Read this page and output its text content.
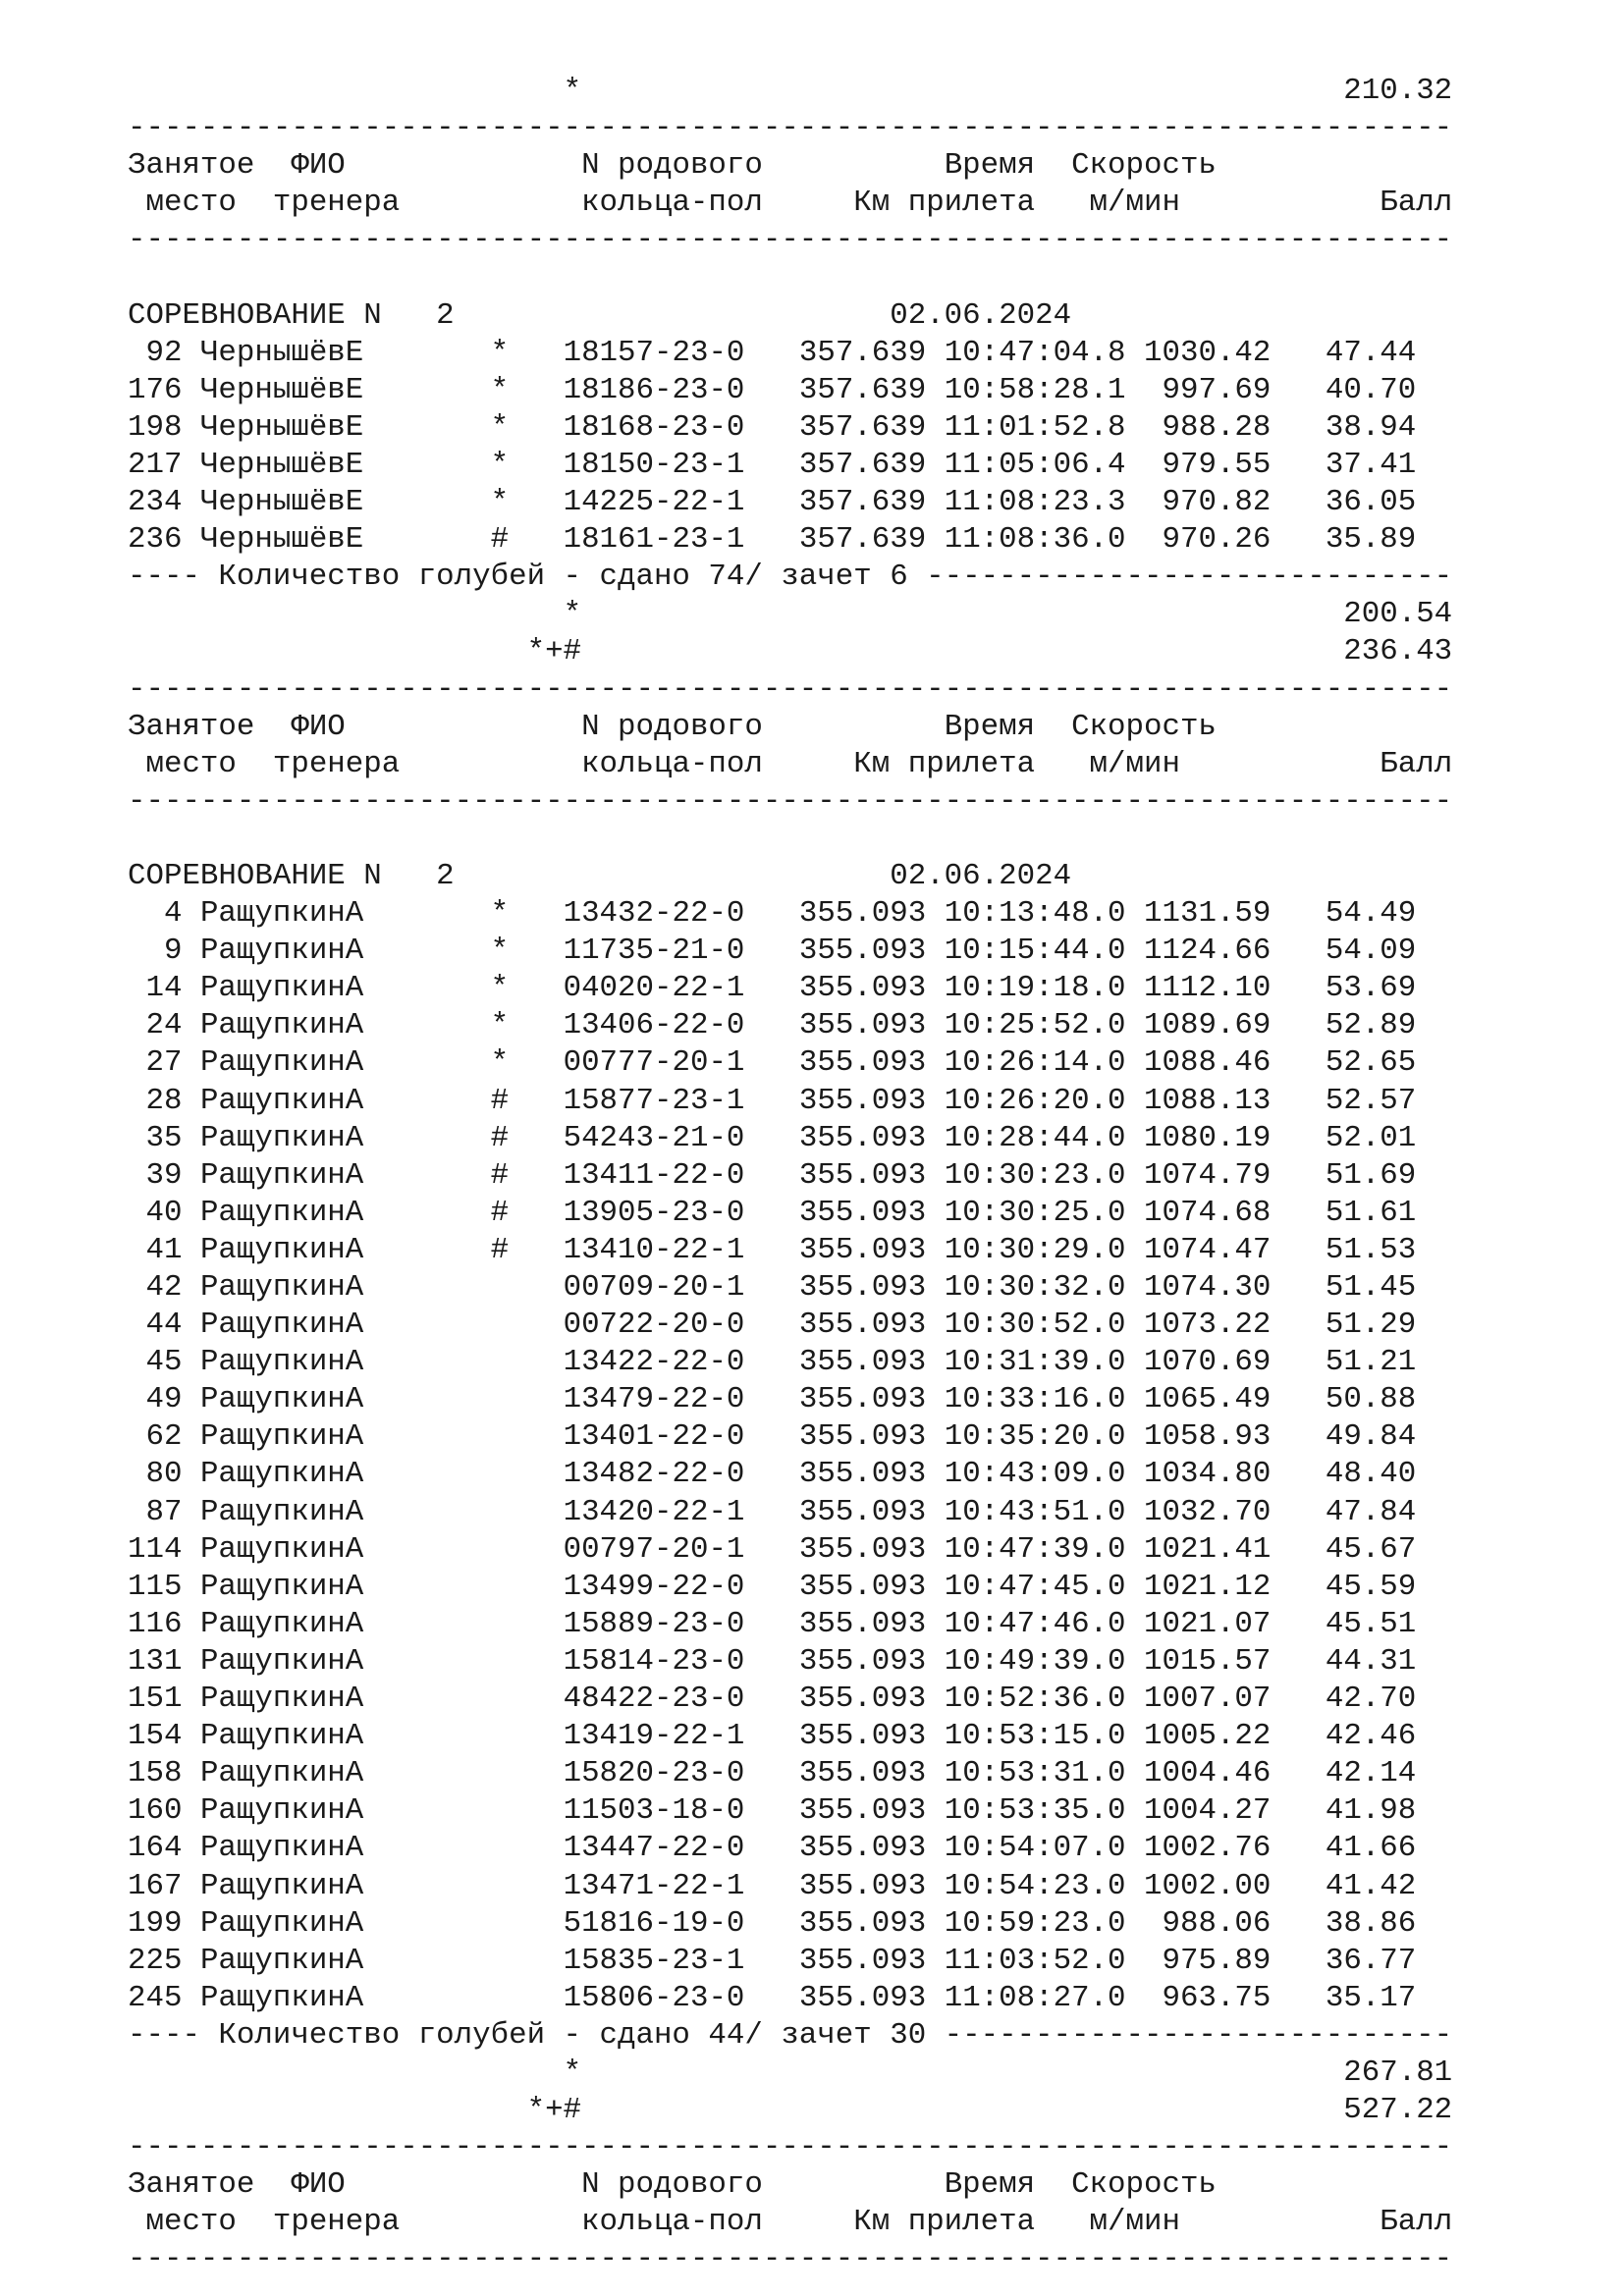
*	210.32
-------------------------------------------------------------------------
Занятое ФИО	N родового	Время Скорость
место тренера	кольца-пол	Км прилета м/мин	Балл
-------------------------------------------------------------------------
СОРЕВНОВАНИЕ N   2	02.06.2024
92 ЧернышёвЕ	* 18157-23-0 357.639 10:47:04.8 1030.42   47.44
176 ЧернышёвЕ	* 18186-23-0 357.639 10:58:28.1  997.69   40.70
198 ЧернышёвЕ	* 18168-23-0 357.639 11:01:52.8  988.28   38.94
217 ЧернышёвЕ	* 18150-23-1 357.639 11:05:06.4  979.55   37.41
234 ЧернышёвЕ	* 14225-22-1 357.639 11:08:23.3  970.82   36.05
236 ЧернышёвЕ	# 18161-23-1 357.639 11:08:36.0  970.26   35.89
---- Количество голубей - сдано 74/ зачет 6 -----------------------------
*	200.54
*+#	236.43
-------------------------------------------------------------------------
Занятое ФИО	N родового	Время Скорость
место тренера	кольца-пол	Км прилета м/мин	Балл
-------------------------------------------------------------------------
СОРЕВНОВАНИЕ N   2	02.06.2024
4 РащупкинА	* 13432-22-0 355.093 10:13:48.0 1131.59   54.49
9 РащупкинА	* 11735-21-0 355.093 10:15:44.0 1124.66   54.09
14 РащупкинА	* 04020-22-1 355.093 10:19:18.0 1112.10   53.69
24 РащупкинА	* 13406-22-0 355.093 10:25:52.0 1089.69   52.89
27 РащупкинА	* 00777-20-1 355.093 10:26:14.0 1088.46   52.65
28 РащупкинА	# 15877-23-1 355.093 10:26:20.0 1088.13   52.57
35 РащупкинА	# 54243-21-0 355.093 10:28:44.0 1080.19   52.01
39 РащупкинА	# 13411-22-0 355.093 10:30:23.0 1074.79   51.69
40 РащупкинА	# 13905-23-0 355.093 10:30:25.0 1074.68   51.61
41 РащупкинА	# 13410-22-1 355.093 10:30:29.0 1074.47   51.53
42 РащупкинА	00709-20-1 355.093 10:30:32.0 1074.30   51.45
44 РащупкинА	00722-20-0 355.093 10:30:52.0 1073.22   51.29
45 РащупкинА	13422-22-0 355.093 10:31:39.0 1070.69   51.21
49 РащупкинА	13479-22-0 355.093 10:33:16.0 1065.49   50.88
62 РащупкинА	13401-22-0 355.093 10:35:20.0 1058.93   49.84
80 РащупкинА	13482-22-0 355.093 10:43:09.0 1034.80   48.40
87 РащупкинА	13420-22-1 355.093 10:43:51.0 1032.70   47.84
114 РащупкинА	00797-20-1 355.093 10:47:39.0 1021.41   45.67
115 РащупкинА	13499-22-0 355.093 10:47:45.0 1021.12   45.59
116 РащупкинА	15889-23-0 355.093 10:47:46.0 1021.07   45.51
131 РащупкинА	15814-23-0 355.093 10:49:39.0 1015.57   44.31
151 РащупкинА	48422-23-0 355.093 10:52:36.0 1007.07   42.70
154 РащупкинА	13419-22-1 355.093 10:53:15.0 1005.22   42.46
158 РащупкинА	15820-23-0 355.093 10:53:31.0 1004.46   42.14
160 РащупкинА	11503-18-0 355.093 10:53:35.0 1004.27   41.98
164 РащупкинА	13447-22-0 355.093 10:54:07.0 1002.76   41.66
167 РащупкинА	13471-22-1 355.093 10:54:23.0 1002.00   41.42
199 РащупкинА	51816-19-0 355.093 10:59:23.0  988.06   38.86
225 РащупкинА	15835-23-1 355.093 11:03:52.0  975.89   36.77
245 РащупкинА	15806-23-0 355.093 11:08:27.0  963.75   35.17
---- Количество голубей - сдано 44/ зачет 30 ----------------------------
*	267.81
*+#	527.22
-------------------------------------------------------------------------
Занятое ФИО	N родового	Время Скорость
место тренера	кольца-пол	Км прилета м/мин	Балл
-------------------------------------------------------------------------
